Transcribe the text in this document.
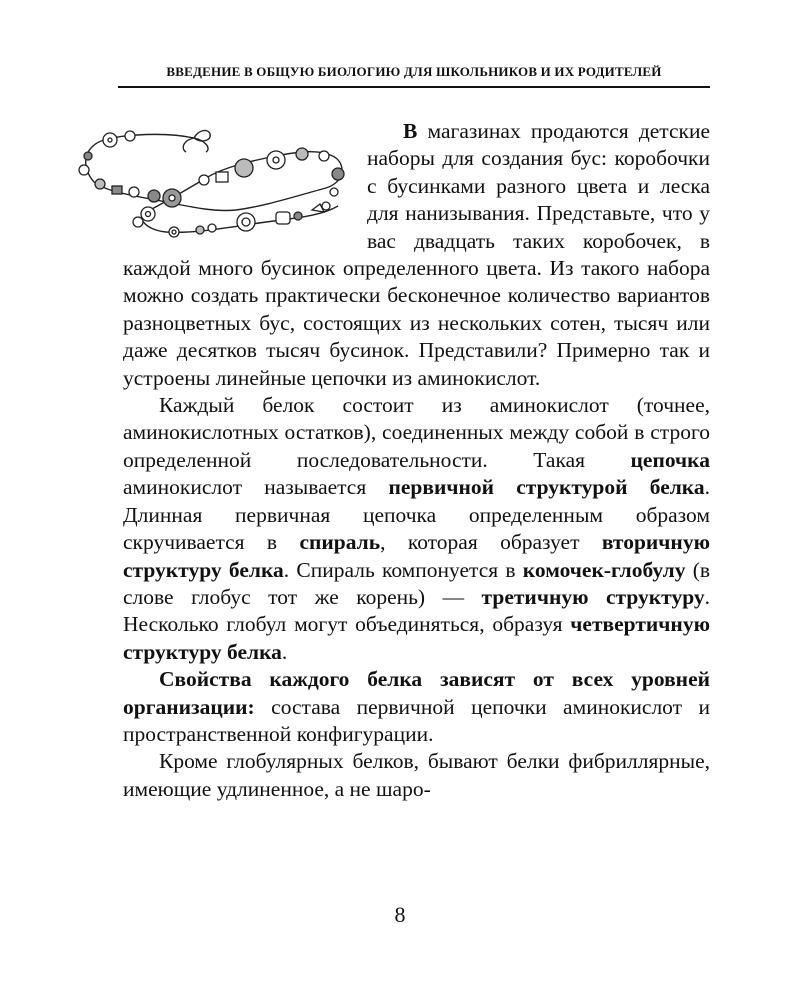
ВВЕДЕНИЕ В ОБЩУЮ БИОЛОГИЮ ДЛЯ ШКОЛЬНИКОВ И ИХ РОДИТЕЛЕЙ

В магазинах продаются детские наборы для создания бус: коробочки с бусинками разного цвета и леска для нанизывания. Представьте, что у вас двадцать таких коробочек, в каждой много бусинок определенного цвета. Из такого набора можно создать практически бесконечное количество вариантов разноцветных бус, состоящих из нескольких сотен, тысяч или даже десятков тысяч бусинок. Представили? Примерно так и устроены линейные цепочки из аминокислот.

Каждый белок состоит из аминокислот (точнее, аминокислотных остатков), соединенных между собой в строго определенной последовательности. Такая цепочка аминокислот называется первичной структурой белка. Длинная первичная цепочка определенным образом скручивается в спираль, которая образует вторичную структуру белка. Спираль компонуется в комочек-глобулу (в слове глобус тот же корень) — третичную структуру. Несколько глобул могут объединяться, образуя четвертичную структуру белка.

Свойства каждого белка зависят от всех уровней организации: состава первичной цепочки аминокислот и пространственной конфигурации.

Кроме глобулярных белков, бывают белки фибриллярные, имеющие удлиненное, а не шаро-

8
